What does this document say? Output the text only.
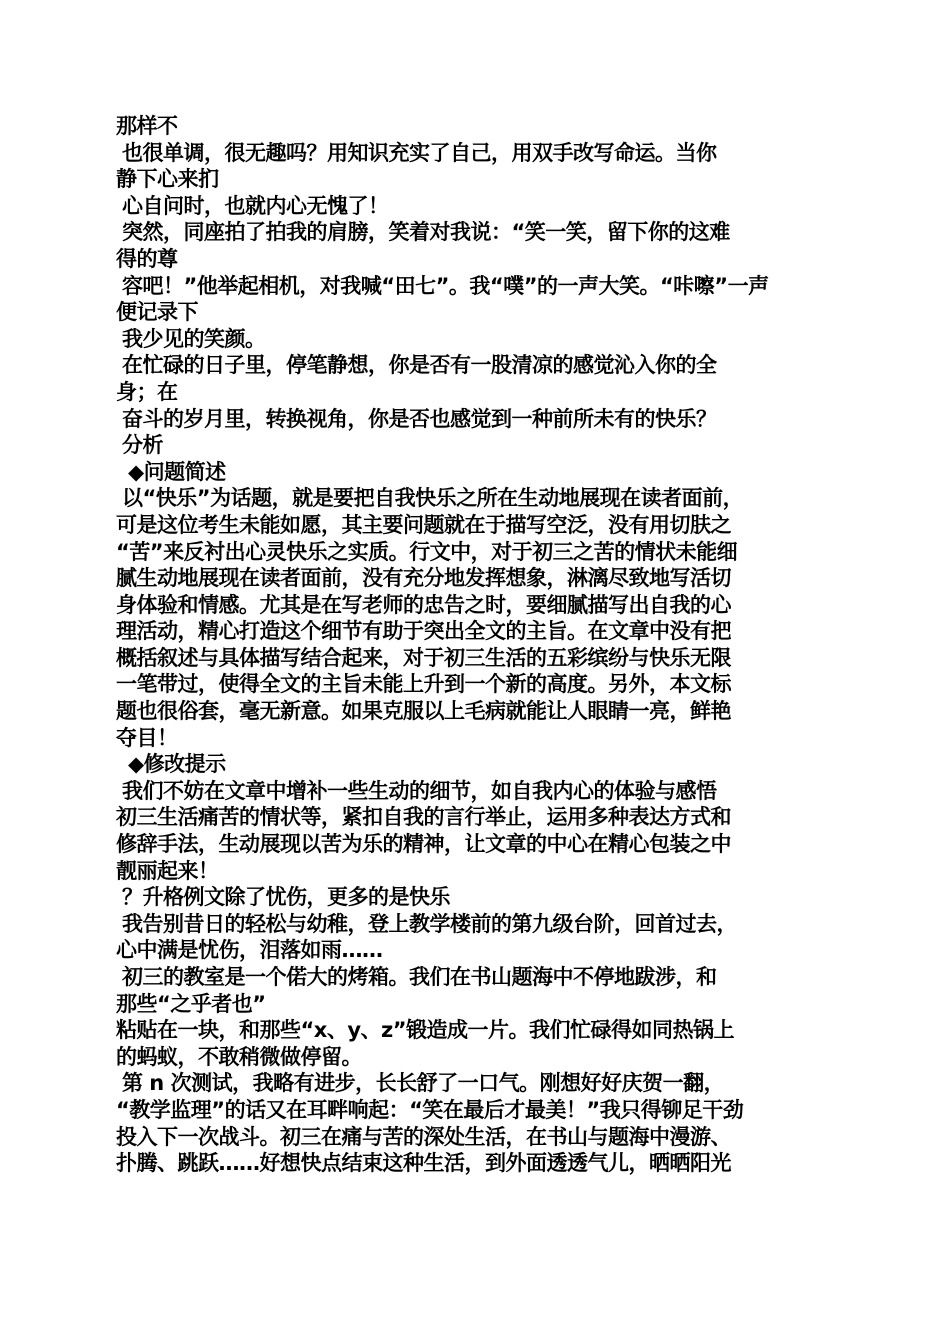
那样不
也很单调，很无趣吗？用知识充实了自己，用双手改写命运。当你
静下心来扪
心自问时，也就内心无愧了！
突然，同座拍了拍我的肩膀，笑着对我说：“笑一笑，留下你的这难
得的尊
容吧！”他举起相机，对我喊“田七”。我“噗”的一声大笑。“咔嚓”一声
便记录下
我少见的笑颜。
在忙碌的日子里，停笔静想，你是否有一股清凉的感觉沁入你的全
身；在
奋斗的岁月里，转换视角，你是否也感觉到一种前所未有的快乐？
分析
◆问题简述
以“快乐”为话题，就是要把自我快乐之所在生动地展现在读者面前，
可是这位考生未能如愿，其主要问题就在于描写空泛，没有用切肤之
“苦”来反衬出心灵快乐之实质。行文中，对于初三之苦的情状未能细
腻生动地展现在读者面前，没有充分地发挥想象，淋漓尽致地写活切
身体验和情感。尤其是在写老师的忠告之时，要细腻描写出自我的心
理活动，精心打造这个细节有助于突出全文的主旨。在文章中没有把
概括叙述与具体描写结合起来，对于初三生活的五彩缤纷与快乐无限
一笔带过，使得全文的主旨未能上升到一个新的高度。另外，本文标
题也很俗套，毫无新意。如果克服以上毛病就能让人眼睛一亮，鲜艳
夺目！
◆修改提示
我们不妨在文章中增补一些生动的细节，如自我内心的体验与感悟
初三生活痛苦的情状等，紧扣自我的言行举止，运用多种表达方式和
修辞手法，生动展现以苦为乐的精神，让文章的中心在精心包装之中
靓丽起来！
？升格例文除了忧伤，更多的是快乐
我告别昔日的轻松与幼稚，登上教学楼前的第九级台阶，回首过去，
心中满是忧伤，泪落如雨……
初三的教室是一个偌大的烤箱。我们在书山题海中不停地跋涉，和
那些“之乎者也”
粘贴在一块，和那些“x、y、z”锻造成一片。我们忙碌得如同热锅上
的蚂蚁，不敢稍微做停留。
第 n 次测试，我略有进步，长长舒了一口气。刚想好好庆贺一翻，
“教学监理”的话又在耳畔响起：“笑在最后才最美！”我只得铆足干劲
投入下一次战斗。初三在痛与苦的深处生活，在书山与题海中漫游、
扑腾、跳跃……好想快点结束这种生活，到外面透透气儿，晒晒阳光
